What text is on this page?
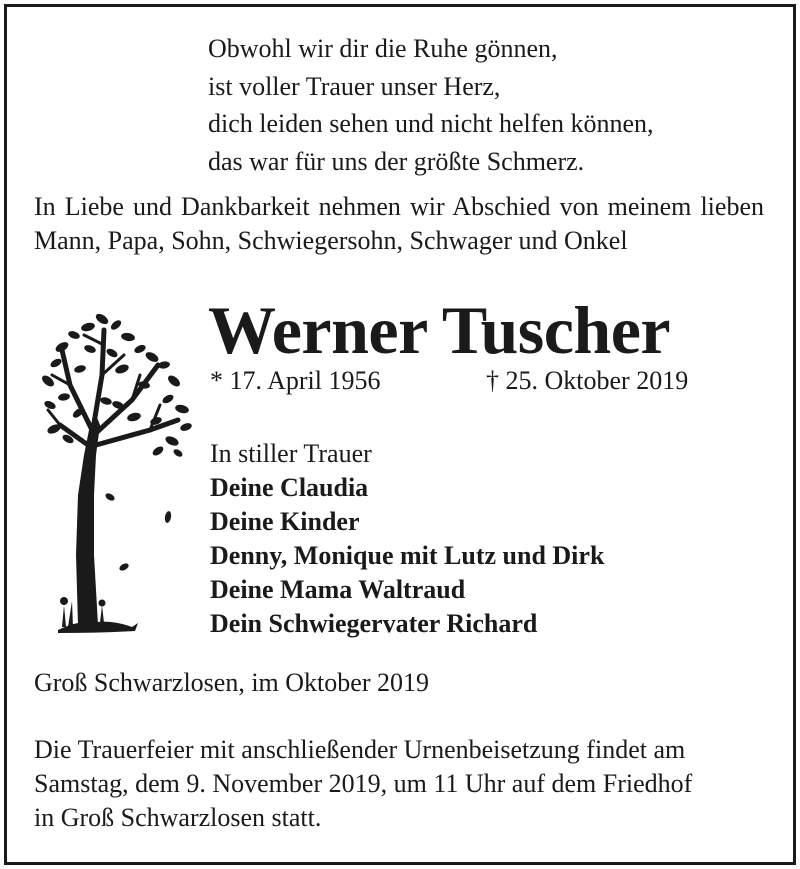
Obwohl wir dir die Ruhe gönnen,
ist voller Trauer unser Herz,
dich leiden sehen und nicht helfen können,
das war für uns der größte Schmerz.
In Liebe und Dankbarkeit nehmen wir Abschied von meinem lieben Mann, Papa, Sohn, Schwiegersohn, Schwager und Onkel
Werner Tuscher
* 17. April 1956	† 25. Oktober 2019
In stiller Trauer
Deine Claudia
Deine Kinder
Denny, Monique mit Lutz und Dirk
Deine Mama Waltraud
Dein Schwiegervater Richard
Groß Schwarzlosen, im Oktober 2019
Die Trauerfeier mit anschließender Urnenbeisetzung findet am
Samstag, dem 9. November 2019, um 11 Uhr auf dem Friedhof
in Groß Schwarzlosen statt.
